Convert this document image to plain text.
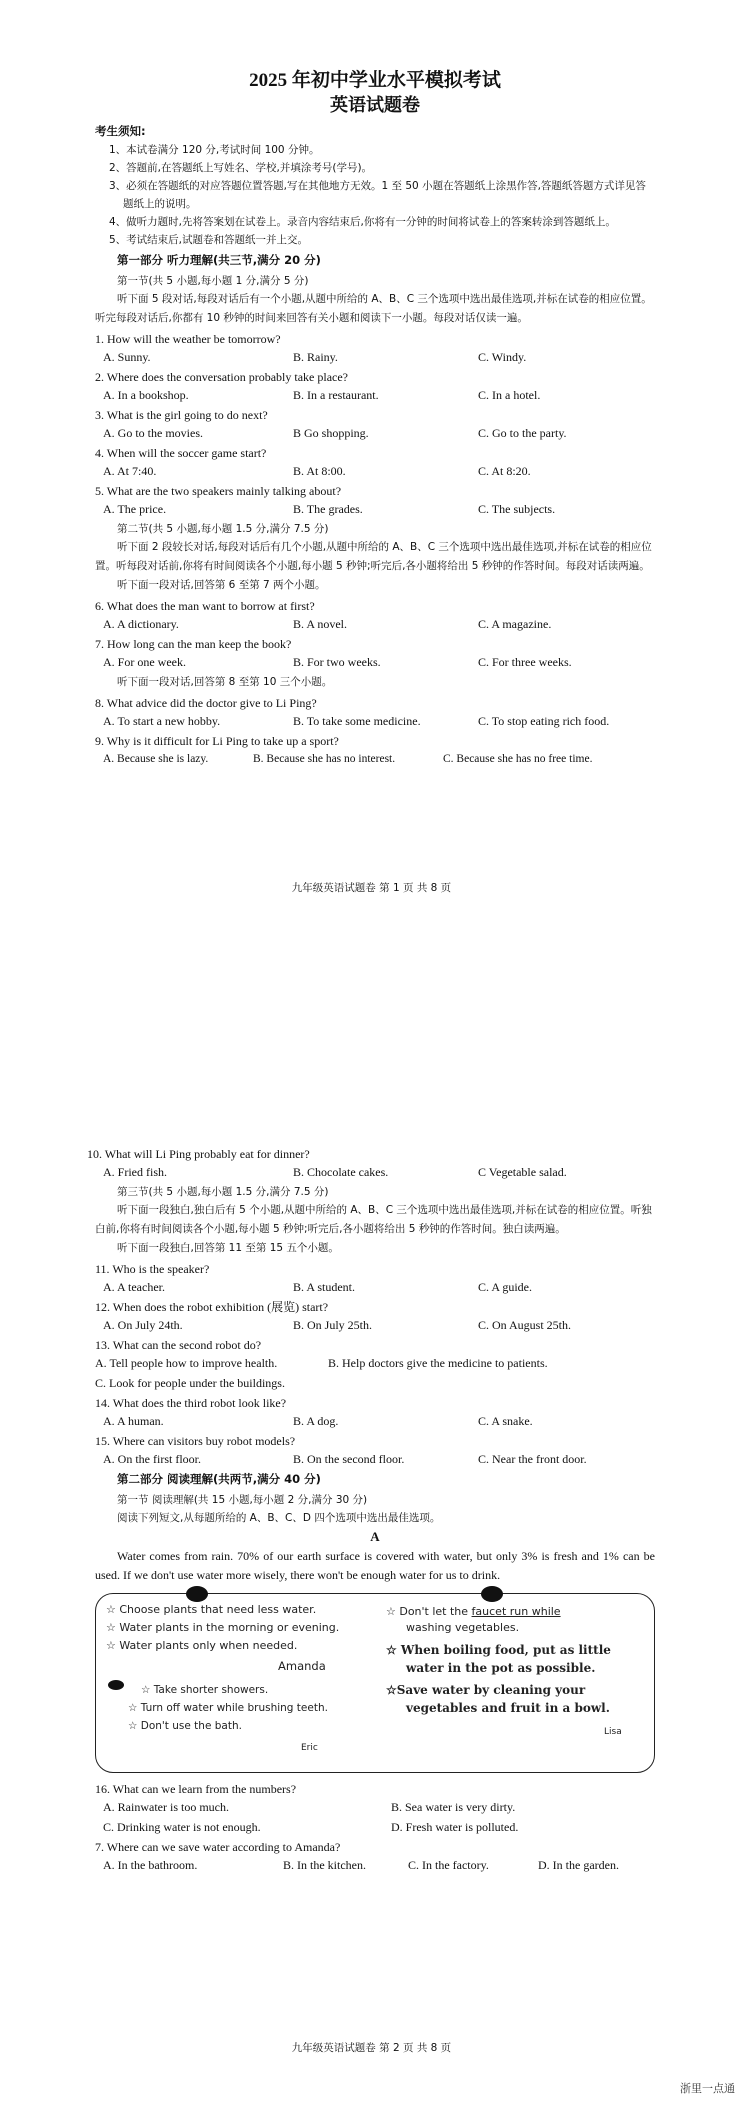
2025 年初中学业水平模拟考试

英语试题卷

考生须知:
1、本试卷满分 120 分,考试时间 100 分钟。
2、答题前,在答题纸上写姓名、学校,并填涂考号(学号)。
3、必须在答题纸的对应答题位置答题,写在其他地方无效。1 至 50 小题在答题纸上涂黑作答,答题纸答题方式详见答题纸上的说明。
4、做听力题时,先将答案划在试卷上。录音内容结束后,你将有一分钟的时间将试卷上的答案转涂到答题纸上。
5、考试结束后,试题卷和答题纸一并上交。
第一部分 听力理解(共三节,满分 20 分)
第一节(共 5 小题,每小题 1 分,满分 5 分)

听下面 5 段对话,每段对话后有一个小题,从题中所给的 A、B、C 三个选项中选出最佳选项,并标在试卷的相应位置。听完每段对话后,你都有 10 秒钟的时间来回答有关小题和阅读下一小题。每段对话仅读一遍。

1. How will the weather be tomorrow?
A. Sunny.	B. Rainy.	C. Windy.
2. Where does the conversation probably take place?
A. In a bookshop.	B. In a restaurant.	C. In a hotel.
3. What is the girl going to do next?
A. Go to the movies.	B Go shopping.	C. Go to the party.
4. When will the soccer game start?
A. At 7:40.	B. At 8:00.	C. At 8:20.
5. What are the two speakers mainly talking about?
A. The price.	B. The grades.	C. The subjects.
第二节(共 5 小题,每小题 1.5 分,满分 7.5 分)

听下面 2 段较长对话,每段对话后有几个小题,从题中所给的 A、B、C 三个选项中选出最佳选项,并标在试卷的相应位置。听每段对话前,你将有时间阅读各个小题,每小题 5 秒钟;听完后,各小题将给出 5 秒钟的作答时间。每段对话读两遍。

听下面一段对话,回答第 6 至第 7 两个小题。

6. What does the man want to borrow at first?
A. A dictionary.	B. A novel.	C. A magazine.
7. How long can the man keep the book?
A. For one week.	B. For two weeks.	C. For three weeks.

听下面一段对话,回答第 8 至第 10 三个小题。

8. What advice did the doctor give to Li Ping?
A. To start a new hobby.	B. To take some medicine.	C. To stop eating rich food.
9. Why is it difficult for Li Ping to take up a sport?
A. Because she is lazy.	B. Because she has no interest.	C. Because she has no free time.
九年级英语试题卷 第 1 页 共 8 页
10. What will Li Ping probably eat for dinner?
A. Fried fish.	B. Chocolate cakes.	C Vegetable salad.
第三节(共 5 小题,每小题 1.5 分,满分 7.5 分)

听下面一段独白,独白后有 5 个小题,从题中所给的 A、B、C 三个选项中选出最佳选项,并标在试卷的相应位置。听独白前,你将有时间阅读各个小题,每小题 5 秒钟;听完后,各小题将给出 5 秒钟的作答时间。独白读两遍。

听下面一段独白,回答第 11 至第 15 五个小题。

11. Who is the speaker?
A. A teacher.	B. A student.	C. A guide.
12. When does the robot exhibition (展览) start?
A. On July 24th.	B. On July 25th.	C. On August 25th.
13. What can the second robot do?
A. Tell people how to improve health.	B. Help doctors give the medicine to patients.
C. Look for people under the buildings.
14. What does the third robot look like?
A. A human.	B. A dog.	C. A snake.
15. Where can visitors buy robot models?
A. On the first floor.	B. On the second floor.	C. Near the front door.
第二部分 阅读理解(共两节,满分 40 分)
第一节 阅读理解(共 15 小题,每小题 2 分,满分 30 分)
阅读下列短文,从每题所给的 A、B、C、D 四个选项中选出最佳选项。
A

Water comes from rain. 70% of our earth surface is covered with water, but only 3% is fresh and 1% can be used. If we don't use water more wisely, there won't be enough water for us to drink.

☆ Choose plants that need less water.
☆ Water plants in the morning or evening.
☆ Water plants only when needed.
Amanda
☆ Take shorter showers.
☆ Turn off water while brushing teeth.
☆ Don't use the bath.
Eric
☆ Don't let the faucet run while
washing vegetables.
☆ When boiling food, put as little
water in the pot as possible.
☆Save water by cleaning your
vegetables and fruit in a bowl.
Lisa
16. What can we learn from the numbers?
A. Rainwater is too much.	B. Sea water is very dirty.
C. Drinking water is not enough.	D. Fresh water is polluted.
7. Where can we save water according to Amanda?
A. In the bathroom.	B. In the kitchen.	C. In the factory.	D. In the garden.
九年级英语试题卷 第 2 页 共 8 页
浙里一点通
